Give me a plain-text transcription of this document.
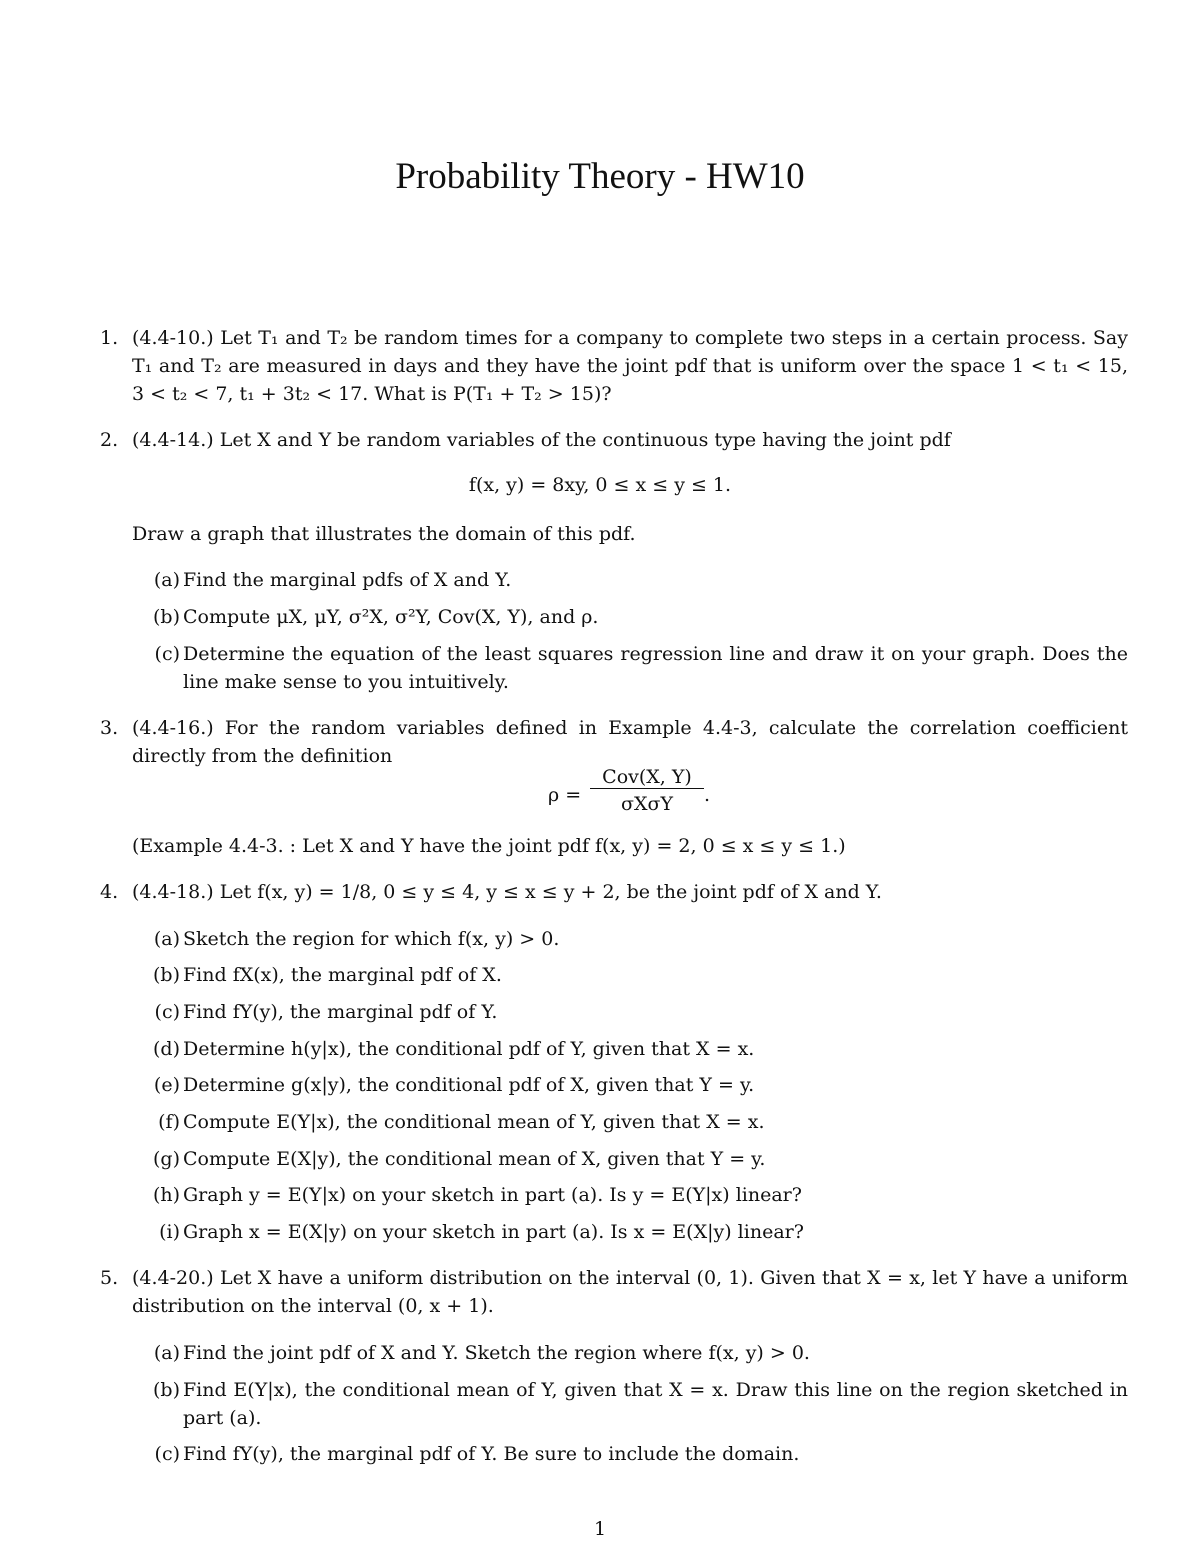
Probability Theory - HW10
1. (4.4-10.) Let T₁ and T₂ be random times for a company to complete two steps in a certain process. Say T₁ and T₂ are measured in days and they have the joint pdf that is uniform over the space 1 < t₁ < 15, 3 < t₂ < 7, t₁ + 3t₂ < 17. What is P(T₁ + T₂ > 15)?
2. (4.4-14.) Let X and Y be random variables of the continuous type having the joint pdf
f(x, y) = 8xy, 0 ≤ x ≤ y ≤ 1.
Draw a graph that illustrates the domain of this pdf.
(a) Find the marginal pdfs of X and Y.
(b) Compute μX, μY, σ²X, σ²Y, Cov(X, Y), and ρ.
(c) Determine the equation of the least squares regression line and draw it on your graph. Does the line make sense to you intuitively.
3. (4.4-16.) For the random variables defined in Example 4.4-3, calculate the correlation coefficient directly from the definition
ρ =
Cov(X, Y)
σXσY	.
(Example 4.4-3. : Let X and Y have the joint pdf f(x, y) = 2, 0 ≤ x ≤ y ≤ 1.)
4. (4.4-18.) Let f(x, y) = 1/8, 0 ≤ y ≤ 4, y ≤ x ≤ y + 2, be the joint pdf of X and Y.
(a) Sketch the region for which f(x, y) > 0.
(b) Find fX(x), the marginal pdf of X.
(c) Find fY(y), the marginal pdf of Y.
(d) Determine h(y|x), the conditional pdf of Y, given that X = x.
(e) Determine g(x|y), the conditional pdf of X, given that Y = y.
(f) Compute E(Y|x), the conditional mean of Y, given that X = x.
(g) Compute E(X|y), the conditional mean of X, given that Y = y.
(h) Graph y = E(Y|x) on your sketch in part (a). Is y = E(Y|x) linear?
(i) Graph x = E(X|y) on your sketch in part (a). Is x = E(X|y) linear?
5. (4.4-20.) Let X have a uniform distribution on the interval (0, 1). Given that X = x, let Y have a uniform distribution on the interval (0, x + 1).
(a) Find the joint pdf of X and Y. Sketch the region where f(x, y) > 0.
(b) Find E(Y|x), the conditional mean of Y, given that X = x. Draw this line on the region sketched in part (a).
(c) Find fY(y), the marginal pdf of Y. Be sure to include the domain.
1
